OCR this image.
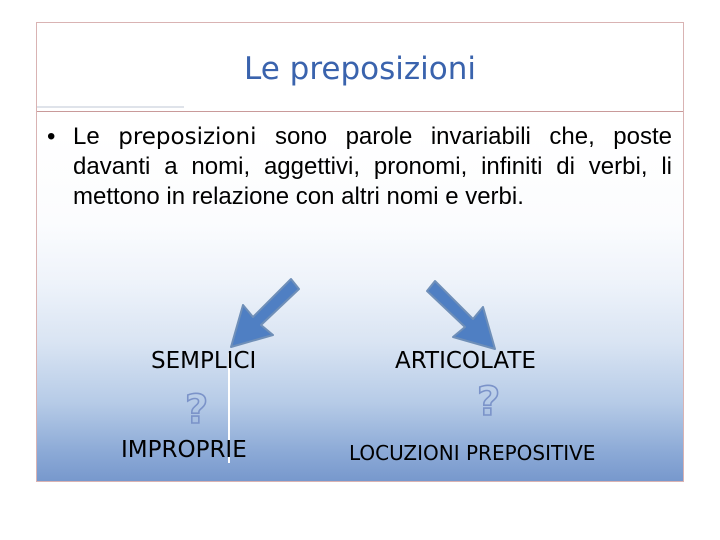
Le preposizioni
• Le preposizioni sono parole invariabili che, poste davanti a nomi, aggettivi, pronomi, infiniti di verbi, li mettono in relazione con altri nomi e verbi.
SEMPLICI	ARTICOLATE
?	?
IMPROPRIE	LOCUZIONI PREPOSITIVE
